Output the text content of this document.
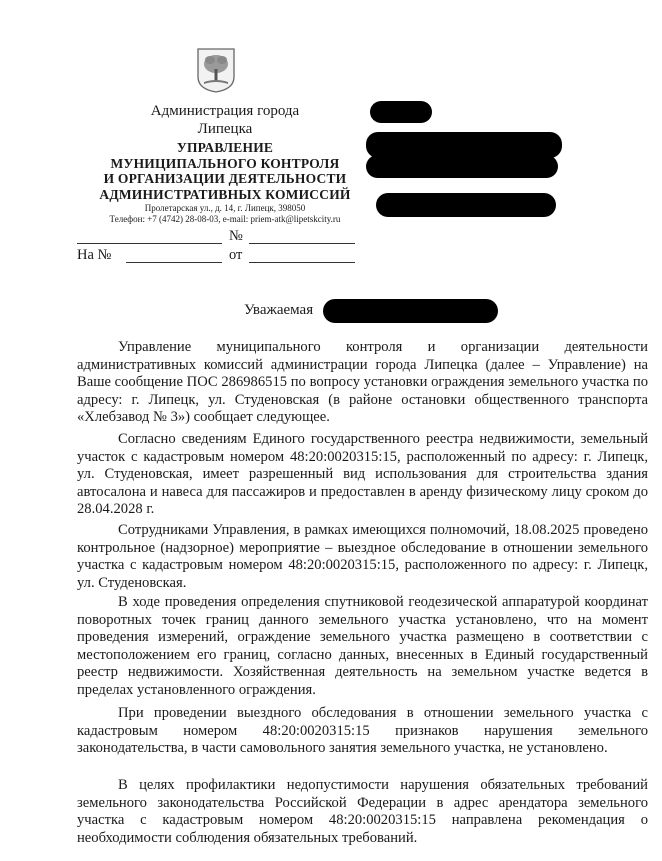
Администрация города
Липецка
УПРАВЛЕНИЕ
МУНИЦИПАЛЬНОГО КОНТРОЛЯ
И ОРГАНИЗАЦИИ ДЕЯТЕЛЬНОСТИ
АДМИНИСТРАТИВНЫХ КОМИССИЙ
Пролетарская ул., д. 14, г. Липецк, 398050
Телефон: +7 (4742) 28-08-03, e-mail: priem-atk@lipetskcity.ru
№
На №	от
Уважаемая

Управление муниципального контроля и организации деятельности административных комиссий администрации города Липецка (далее – Управление) на Ваше сообщение ПОС 286986515 по вопросу установки ограждения земельного участка по адресу: г. Липецк, ул. Студеновская (в районе остановки общественного транспорта «Хлебзавод № 3») сообщает следующее.

Согласно сведениям Единого государственного реестра недвижимости, земельный участок с кадастровым номером 48:20:0020315:15, расположенный по адресу: г. Липецк, ул. Студеновская, имеет разрешенный вид использования для строительства здания автосалона и навеса для пассажиров и предоставлен в аренду физическому лицу сроком до 28.04.2028 г.

Сотрудниками Управления, в рамках имеющихся полномочий, 18.08.2025 проведено контрольное (надзорное) мероприятие – выездное обследование в отношении земельного участка с кадастровым номером 48:20:0020315:15, расположенного по адресу: г. Липецк, ул. Студеновская.

В ходе проведения определения спутниковой геодезической аппаратурой координат поворотных точек границ данного земельного участка установлено, что на момент проведения измерений, ограждение земельного участка размещено в соответствии с местоположением его границ, согласно данных, внесенных в Единый государственный реестр недвижимости. Хозяйственная деятельность на земельном участке ведется в пределах установленного ограждения.

При проведении выездного обследования в отношении земельного участка с кадастровым номером 48:20:0020315:15 признаков нарушения земельного законодательства, в части самовольного занятия земельного участка, не установлено.

В целях профилактики недопустимости нарушения обязательных требований земельного законодательства Российской Федерации в адрес арендатора земельного участка с кадастровым номером 48:20:0020315:15 направлена рекомендация о необходимости соблюдения обязательных требований.
